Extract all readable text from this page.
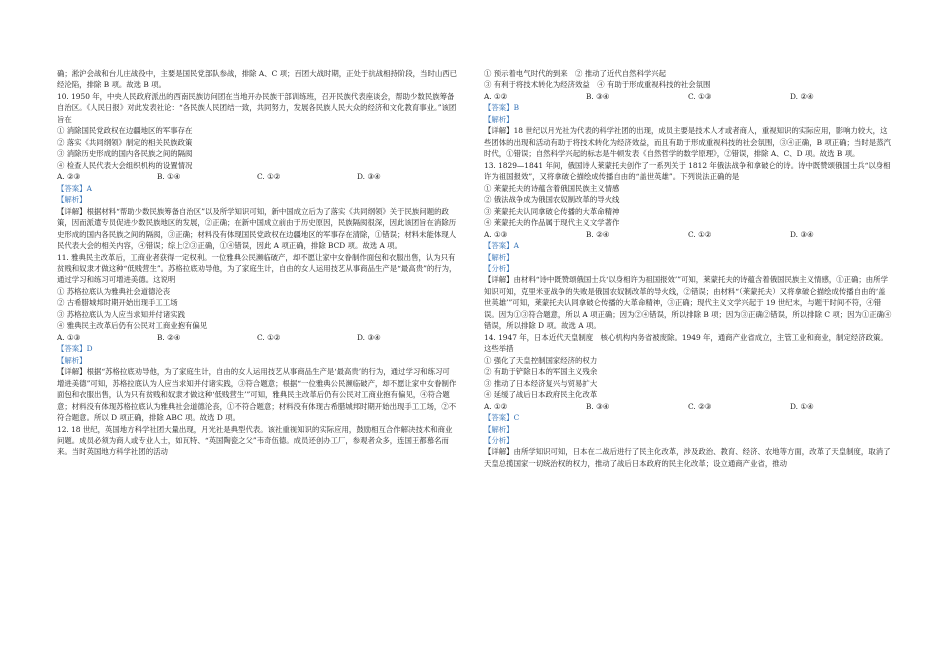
确；淞沪会战和台儿庄战役中，主要是国民党部队参战，排除 A、C 项；百团大战时期，正处于抗战相持阶段，当时山西已经沦陷，排除 B 项。故选 B 项。

10. 1950 年，中央人民政府派出的西南民族访问团在当地开办民族干部训练班，召开民族代表座谈会，帮助少数民族筹备自治区。《人民日报》对此发表社论：“各民族人民团结一致，共同努力，发展各民族人民大众的经济和文化教育事业。”该团旨在

① 消除国民党政权在边疆地区的军事存在

② 落实《共同纲领》制定的相关民族政策

③ 消除历史形成的国内各民族之间的隔阂

④ 检查人民代表大会组织机构的设置情况

A. ②③	B. ①④	C. ①②	D. ③④

【答案】A

【解析】

【详解】根据材料“帮助少数民族筹备自治区”以及所学知识可知，新中国成立后为了落实《共同纲领》关于民族问题的政策，因而派遣专员促进少数民族地区的发展，②正确；在新中国成立前由于历史原因，民族隔阂很深，因此该团旨在消除历史形成的国内各民族之间的隔阂，③正确；材料没有体现国民党政权在边疆地区的军事存在清除，①错误；材料未能体现人民代表大会的相关内容，④错误；综上②③正确，①④错误，因此 A 项正确，排除 BCD 项。故选 A 项。

11. 雅典民主改革后，工商业者获得一定权利。一位雅典公民濒临破产，却不愿让家中女眷制作面包和衣服出售，认为只有贫贱和奴隶才做这种“低贱营生”。苏格拉底劝导他，为了家庭生计，自由的女人运用技艺从事商品生产是“最高贵”的行为，通过学习和练习可增进美德。这说明

① 苏格拉底认为雅典社会道德沦丧

② 古希腊城邦时期开始出现手工工场

③ 苏格拉底认为人应当求知并付诸实践

④ 雅典民主改革后仍有公民对工商业抱有偏见

A. ①③	B. ②④	C. ①②	D. ③④

【答案】D

【解析】

【详解】根据“苏格拉底劝导他，为了家庭生计，自由的女人运用技艺从事商品生产是‘最高贵’的行为，通过学习和练习可增进美德”可知，苏格拉底认为人应当求知并付诸实践，③符合题意；根据“一位雅典公民濒临破产，却不愿让家中女眷制作面包和衣服出售，认为只有贫贱和奴隶才做这种‘低贱营生’”可知，雅典民主改革后仍有公民对工商业抱有偏见，④符合题意；材料没有体现苏格拉底认为雅典社会道德沦丧，①不符合题意；材料没有体现古希腊城邦时期开始出现手工工场，②不符合题意。所以 D 项正确，排除 ABC 项。故选 D 项。

12. 18 世纪，英国地方科学社团大量出现，月光社是典型代表。该社重视知识的实际应用，鼓励相互合作解决技术和商业问题。成员必须为商人或专业人士，如瓦特、“英国陶瓷之父”韦奇伍德。成员还创办工厂，参观者众多，连国王都慕名而来。当时英国地方科学社团的活动

① 预示着电气时代的到来　② 推动了近代自然科学兴起

③ 有利于将技术转化为经济效益　④ 有助于形成重视科技的社会氛围

A. ①②	B. ③④	C. ①③	D. ②④

【答案】B

【解析】

【详解】18 世纪以月光社为代表的科学社团的出现，成员主要是技术人才或者商人，重视知识的实际应用，影响力较大，这些团体的出现和活动有助于将技术转化为经济效益，而且有助于形成重视科技的社会氛围，③④正确，B 项正确；当时是蒸汽时代，①错误；自然科学兴起的标志是牛顿发表《自然哲学的数学原理》，②错误，排除 A、C、D 项。故选 B 项。

13. 1829—1841 年间，俄国诗人莱蒙托夫创作了一系列关于 1812 年俄法战争和拿破仑的诗。诗中既赞颂俄国士兵“以身相许为祖国报效”，又将拿破仑描绘成传播自由的“盖世英雄”。下列说法正确的是

① 莱蒙托夫的诗蕴含着俄国民族主义情感

② 俄法战争成为俄国农奴制改革的导火线

③ 莱蒙托夫认同拿破仑传播的大革命精神

④ 莱蒙托夫的作品属于现代主义文学著作

A. ①③	B. ②④	C. ①②	D. ③④

【答案】A

【解析】

【分析】

【详解】由材料“诗中既赞颂俄国士兵‘以身相许为祖国报效’”可知，莱蒙托夫的诗蕴含着俄国民族主义情感，①正确；由所学知识可知，克里米亚战争的失败是俄国农奴制改革的导火线，②错误；由材料“（莱蒙托夫）又将拿破仑描绘成传播自由的‘盖世英雄’”可知，莱蒙托夫认同拿破仑传播的大革命精神，③正确；现代主义文学兴起于 19 世纪末，与题干时间不符，④错误。因为①③符合题意，所以 A 项正确；因为②④错误，所以排除 B 项；因为③正确②错误，所以排除 C 项；因为①正确④错误，所以排除 D 项。故选 A 项。

14. 1947 年，日本近代天皇制度　核心机构内务省被废除。1949 年，通商产业省成立，主管工业和商业，制定经济政策。这些举措

① 强化了天皇控制国家经济的权力

② 有助于铲除日本的军国主义残余

③ 推动了日本经济复兴与贸易扩大

④ 延缓了战后日本政府民主化改革

A. ①②	B. ③④	C. ②③	D. ①④

【答案】C

【解析】

【分析】

【详解】由所学知识可知，日本在二战后进行了民主化改革，涉及政治、教育、经济、农地等方面，改革了天皇制度，取消了天皇总揽国家一切统治权的权力，推动了战后日本政府的民主化改革；设立通商产业省，推动
